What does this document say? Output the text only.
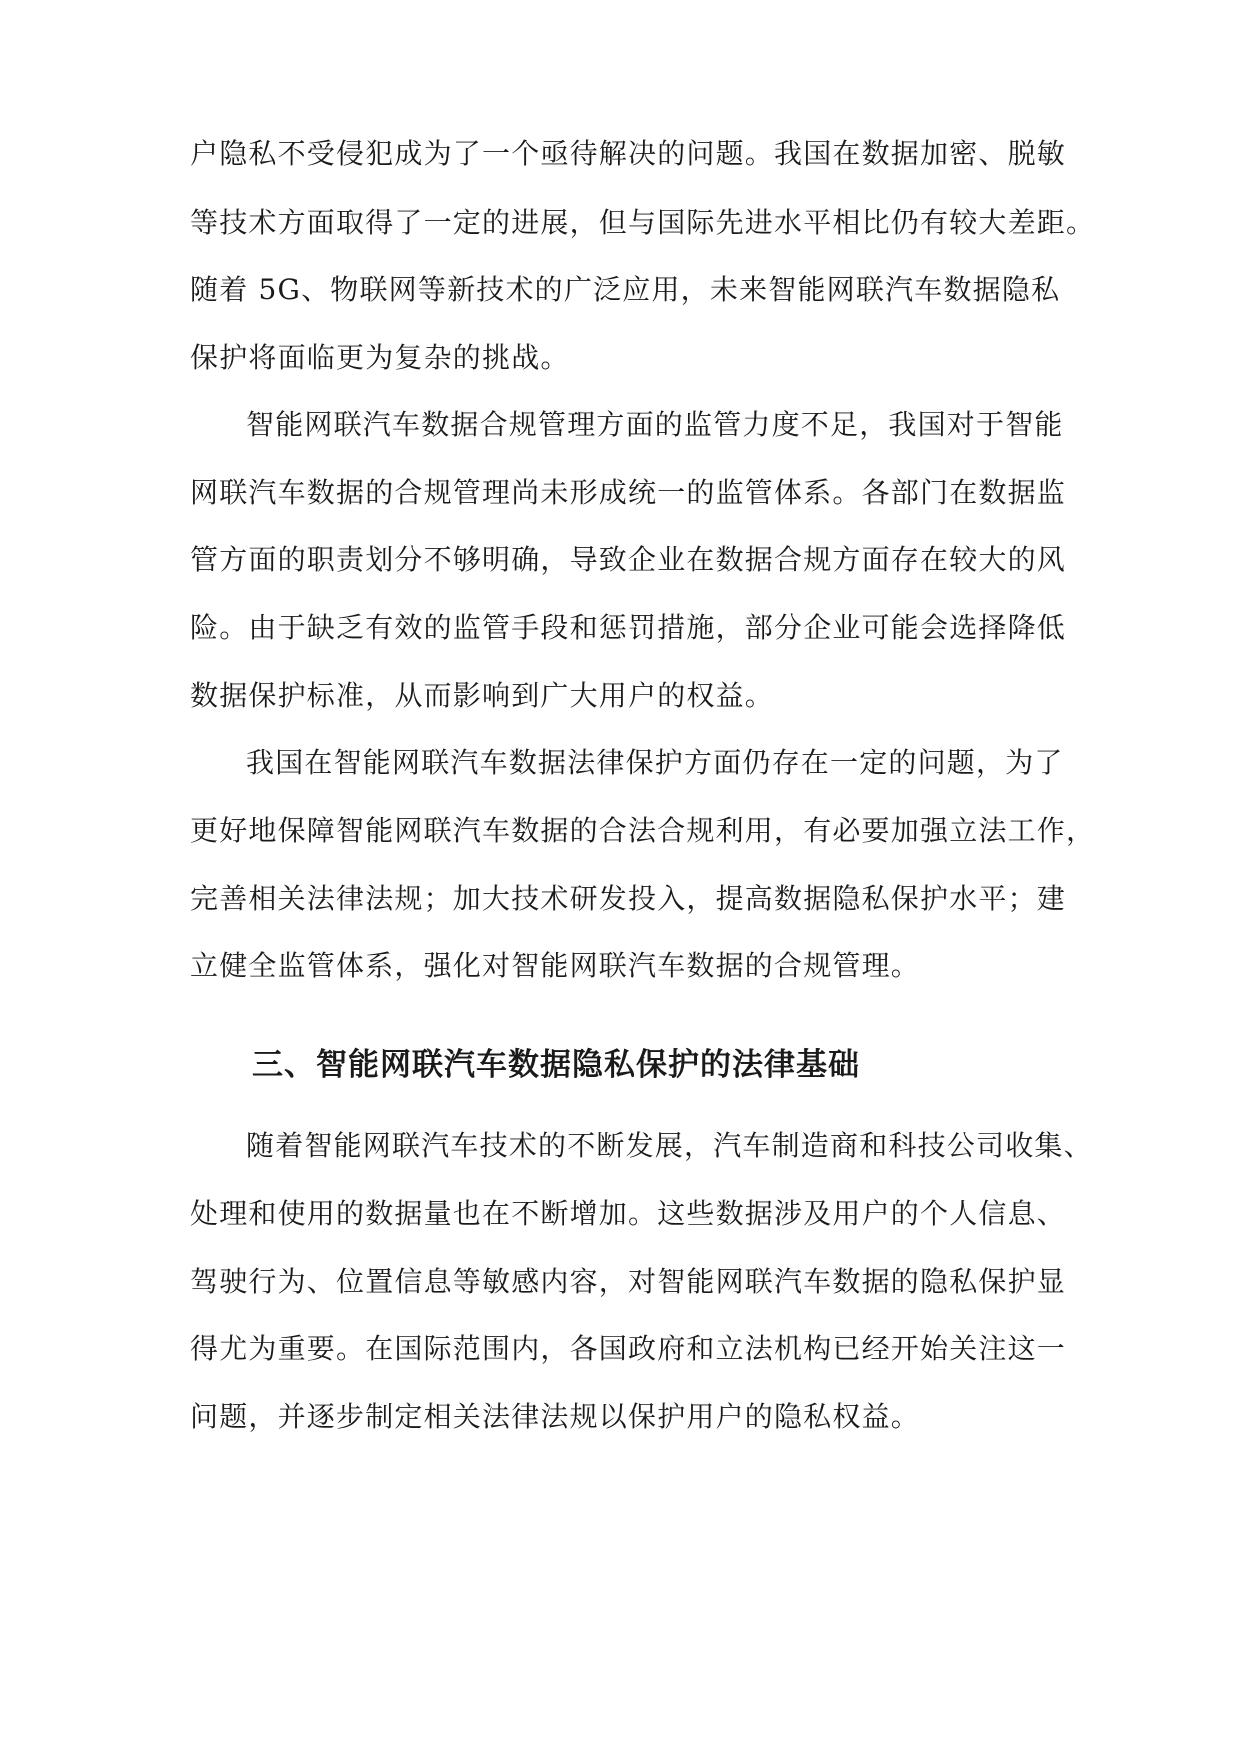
户隐私不受侵犯成为了一个亟待解决的问题。我国在数据加密、脱敏
等技术方面取得了一定的进展，但与国际先进水平相比仍有较大差距。
随着 5G、物联网等新技术的广泛应用，未来智能网联汽车数据隐私
保护将面临更为复杂的挑战。
智能网联汽车数据合规管理方面的监管力度不足，我国对于智能
网联汽车数据的合规管理尚未形成统一的监管体系。各部门在数据监
管方面的职责划分不够明确，导致企业在数据合规方面存在较大的风
险。由于缺乏有效的监管手段和惩罚措施，部分企业可能会选择降低
数据保护标准，从而影响到广大用户的权益。
我国在智能网联汽车数据法律保护方面仍存在一定的问题，为了
更好地保障智能网联汽车数据的合法合规利用，有必要加强立法工作，
完善相关法律法规；加大技术研发投入，提高数据隐私保护水平；建
立健全监管体系，强化对智能网联汽车数据的合规管理。
三、智能网联汽车数据隐私保护的法律基础
随着智能网联汽车技术的不断发展，汽车制造商和科技公司收集、
处理和使用的数据量也在不断增加。这些数据涉及用户的个人信息、
驾驶行为、位置信息等敏感内容，对智能网联汽车数据的隐私保护显
得尤为重要。在国际范围内，各国政府和立法机构已经开始关注这一
问题，并逐步制定相关法律法规以保护用户的隐私权益。
